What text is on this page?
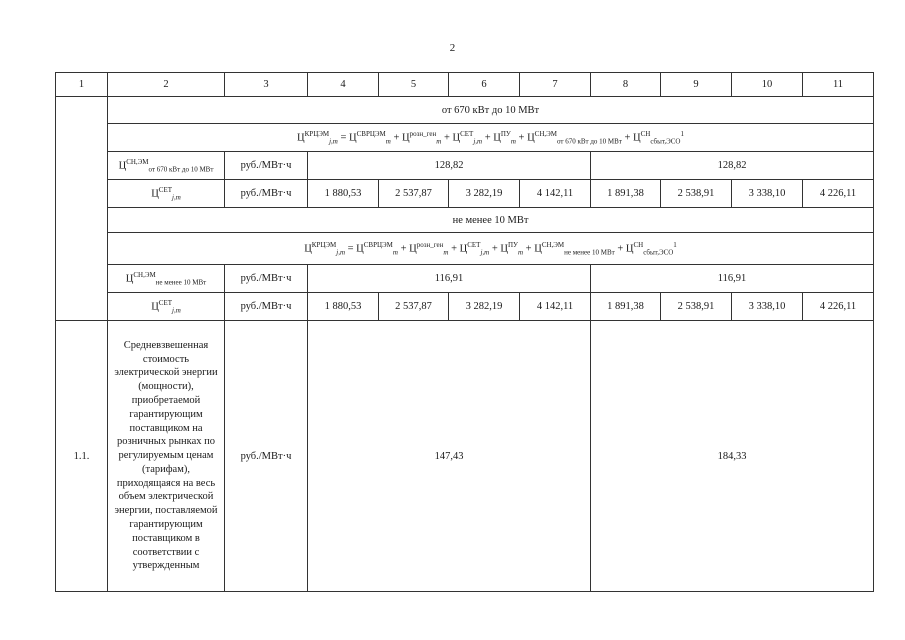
2
1	2	3	4	5	6	7	8	9	10	11
	от 670 кВт до 10 МВт									
	$Ц^{КРЦЭМ}_{j,m} = Ц^{СВРЦЭМ}_m + Ц^{розн\_ген}_m + Ц^{СЕТ}_{j,m} + Ц^{ПУ}_m + Ц^{СН,ЭМ}_{от 670 кВт до 10 МВт} + Ц^{СН}_{сбыт,ЭСО}^1$
	$Ц^{СН,ЭМ}_{от 670 кВт до 10 МВт}$	руб./МВт·ч	128,82				128,82			
	$Ц^{СЕТ}_{j,m}$	руб./МВт·ч	1 880,53	2 537,87	3 282,19	4 142,11	1 891,38	2 538,91	3 338,10	4 226,11
	не менее 10 МВт									
	$Ц^{КРЦЭМ}_{j,m} = Ц^{СВРЦЭМ}_m + Ц^{розн\_ген}_m + Ц^{СЕТ}_{j,m} + Ц^{ПУ}_m + Ц^{СН,ЭМ}_{не менее 10 МВт} + Ц^{СН}_{сбыт,ЭСО}^1$
	$Ц^{СН,ЭМ}_{не менее 10 МВт}$	руб./МВт·ч	116,91				116,91			
	$Ц^{СЕТ}_{j,m}$	руб./МВт·ч	1 880,53	2 537,87	3 282,19	4 142,11	1 891,38	2 538,91	3 338,10	4 226,11
1.1.	Средневзвешенная стоимость электрической энергии (мощности), приобретаемой гарантирующим поставщиком на розничных рынках по регулируемым ценам (тарифам), приходящаяся на весь объем электрической энергии, поставляемой гарантирующим поставщиком в соответствии с утвержденным	руб./МВт·ч	147,43				184,33			
